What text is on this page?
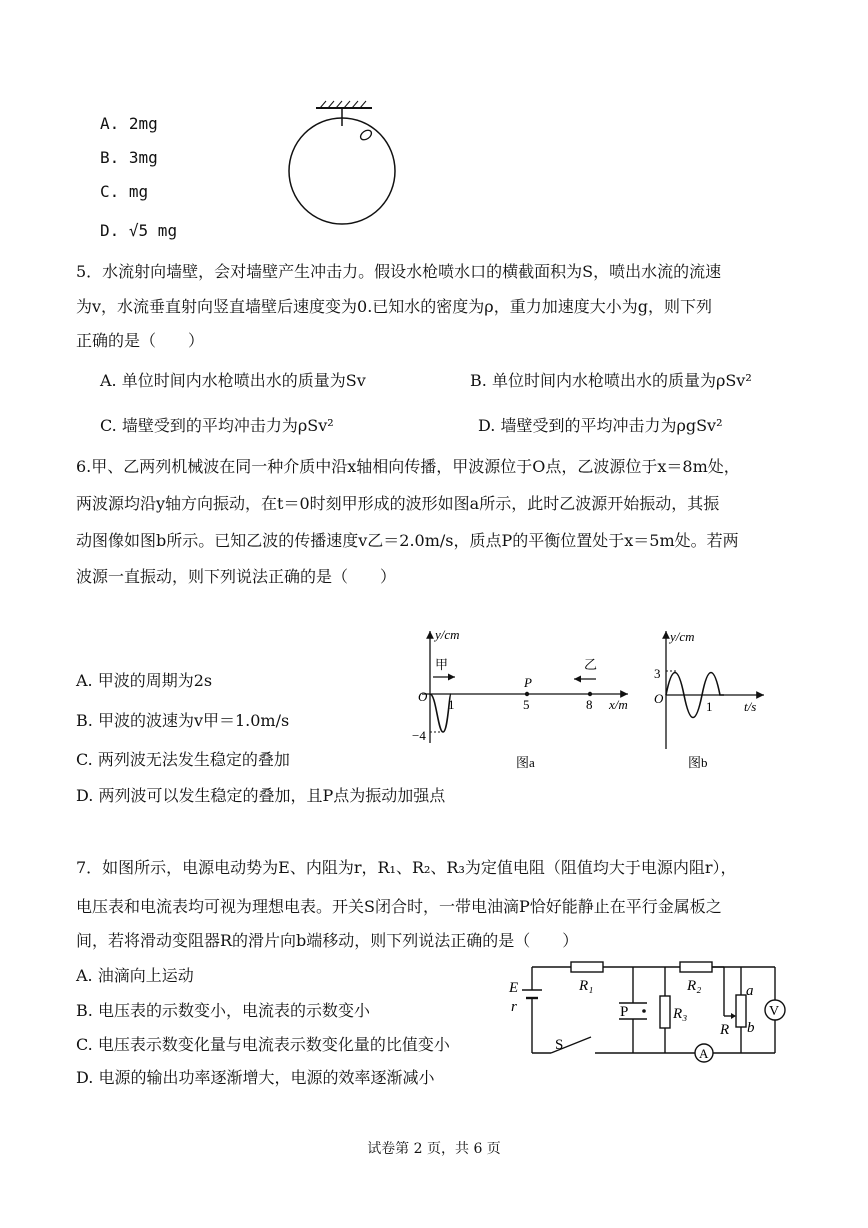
A. 2mg
B. 3mg
C. mg
D. √5 mg
5．水流射向墙壁，会对墙壁产生冲击力。假设水枪喷水口的横截面积为S，喷出水流的流速
为v，水流垂直射向竖直墙壁后速度变为0.已知水的密度为ρ，重力加速度大小为g，则下列
正确的是（　　）
A. 单位时间内水枪喷出水的质量为Sv	B. 单位时间内水枪喷出水的质量为ρSv²
C. 墙壁受到的平均冲击力为ρSv²	D. 墙壁受到的平均冲击力为ρgSv²
6.甲、乙两列机械波在同一种介质中沿x轴相向传播，甲波源位于O点，乙波源位于x＝8m处，
两波源均沿y轴方向振动，在t＝0时刻甲形成的波形如图a所示，此时乙波源开始振动，其振
动图像如图b所示。已知乙波的传播速度v乙＝2.0m/s，质点P的平衡位置处于x＝5m处。若两
波源一直振动，则下列说法正确的是（　　）
A. 甲波的周期为2s
B. 甲波的波速为v甲＝1.0m/s
C. 两列波无法发生稳定的叠加
D. 两列波可以发生稳定的叠加，且P点为振动加强点
y/cm
x/m
O
−4
1	5
P
8
甲	乙
图a
y/cm
t/s
O
3
1
图b
7．如图所示，电源电动势为E、内阻为r，R₁、R₂、R₃为定值电阻（阻值均大于电源内阻r），
电压表和电流表均可视为理想电表。开关S闭合时，一带电油滴P恰好能静止在平行金属板之
间，若将滑动变阻器R的滑片向b端移动，则下列说法正确的是（　　）
A. 油滴向上运动
B. 电压表的示数变小，电流表的示数变小
C. 电压表示数变化量与电流表示数变化量的比值变小
D. 电源的输出功率逐渐增大，电源的效率逐渐减小
E
r
R₁	R₂
R₃
R
a
b
V
A
S
P
试卷第 2 页，共 6 页
